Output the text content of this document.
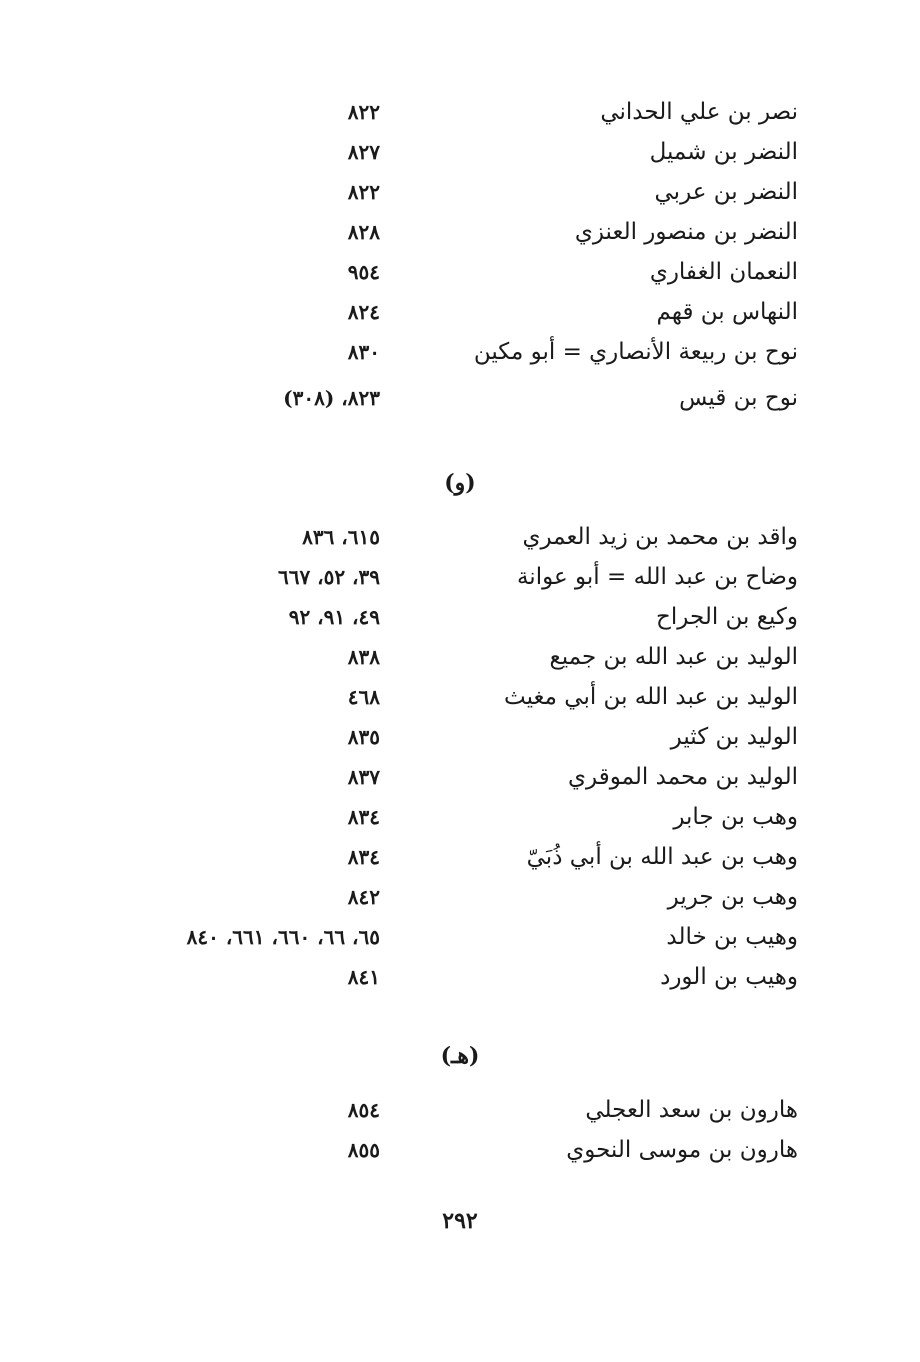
نصر بن علي الحداني
٨٢٢
النضر بن شميل
٨٢٧
النضر بن عربي
٨٢٢
النضر بن منصور العنزي
٨٢٨
النعمان الغفاري
٩٥٤
النهاس بن قهم
٨٢٤
نوح بن ربيعة الأنصاري = أبو مكين
٨٣٠
نوح بن قيس
٨٢٣، (٣٠٨)
(و)
واقد بن محمد بن زيد العمري
٦١٥، ٨٣٦
وضاح بن عبد الله = أبو عوانة
٣٩، ٥٢، ٦٦٧
وكيع بن الجراح
٤٩، ٩١، ٩٢
الوليد بن عبد الله بن جميع
٨٣٨
الوليد بن عبد الله بن أبي مغيث
٤٦٨
الوليد بن كثير
٨٣٥
الوليد بن محمد الموقري
٨٣٧
وهب بن جابر
٨٣٤
وهب بن عبد الله بن أبي ذُبَيّ
٨٣٤
وهب بن جرير
٨٤٢
وهيب بن خالد
٦٥، ٦٦، ٦٦٠، ٦٦١، ٨٤٠
وهيب بن الورد
٨٤١
(هـ)
هارون بن سعد العجلي
٨٥٤
هارون بن موسى النحوي
٨٥٥
٢٩٢
